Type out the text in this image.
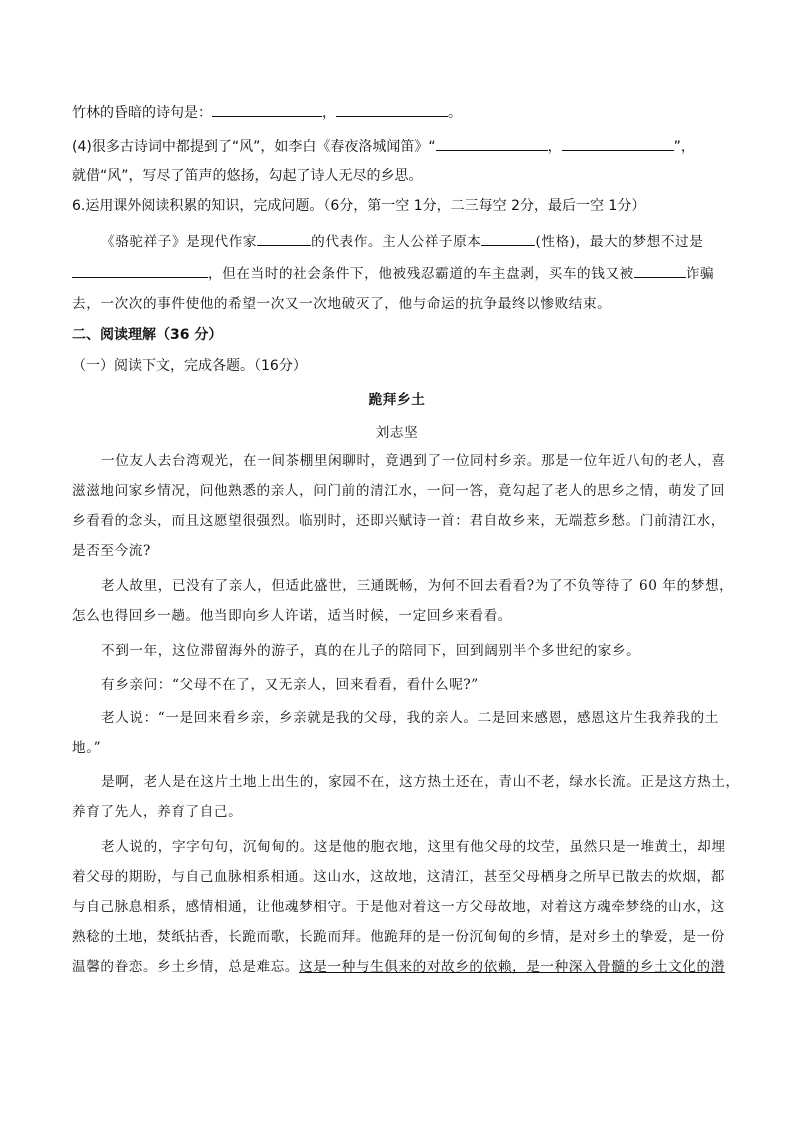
竹林的昏暗的诗句是：	，	。
(4)很多古诗词中都提到了“风”，如李白《春夜洛城闻笛》“	，	”，
就借“风”，写尽了笛声的悠扬，勾起了诗人无尽的乡思。
6.运用课外阅读积累的知识，完成问题。（6分，第一空 1分，二三每空 2分，最后一空 1分）
《骆驼祥子》是现代作家	的代表作。主人公祥子原本	(性格)，最大的梦想不过是
，但在当时的社会条件下，他被残忍霸道的车主盘剥，买车的钱又被	诈骗
去，一次次的事件使他的希望一次又一次地破灭了，他与命运的抗争最终以惨败结束。
二、阅读理解（36 分）
（一）阅读下文，完成各题。（16分）
跪拜乡土
刘志坚
一位友人去台湾观光，在一间茶棚里闲聊时，竟遇到了一位同村乡亲。那是一位年近八旬的老人，喜
滋滋地问家乡情况，问他熟悉的亲人，问门前的清江水，一问一答，竟勾起了老人的思乡之情，萌发了回
乡看看的念头，而且这愿望很强烈。临别时，还即兴赋诗一首：君自故乡来，无端惹乡愁。门前清江水，
是否至今流?
老人故里，已没有了亲人，但适此盛世，三通既畅，为何不回去看看?为了不负等待了 60 年的梦想，
怎么也得回乡一趟。他当即向乡人许诺，适当时候，一定回乡来看看。
不到一年，这位滞留海外的游子，真的在儿子的陪同下，回到阔别半个多世纪的家乡。
有乡亲问：“父母不在了，又无亲人，回来看看，看什么呢?”
老人说：“一是回来看乡亲，乡亲就是我的父母，我的亲人。二是回来感恩，感恩这片生我养我的土
地。”
是啊，老人是在这片土地上出生的，家园不在，这方热土还在，青山不老，绿水长流。正是这方热土，
养育了先人，养育了自己。
老人说的，字字句句，沉甸甸的。这是他的胞衣地，这里有他父母的坟茔，虽然只是一堆黄土，却埋
着父母的期盼，与自己血脉相系相通。这山水，这故地，这清江，甚至父母栖身之所早已散去的炊烟，都
与自己脉息相系，感情相通，让他魂梦相守。于是他对着这一方父母故地，对着这方魂牵梦绕的山水，这
熟稔的土地，焚纸拈香，长跪而歌，长跪而拜。他跪拜的是一份沉甸甸的乡情，是对乡土的挚爱，是一份
温馨的眷恋。乡土乡情，总是难忘。这是一种与生俱来的对故乡的依赖，是一种深入骨髓的乡土文化的潜
